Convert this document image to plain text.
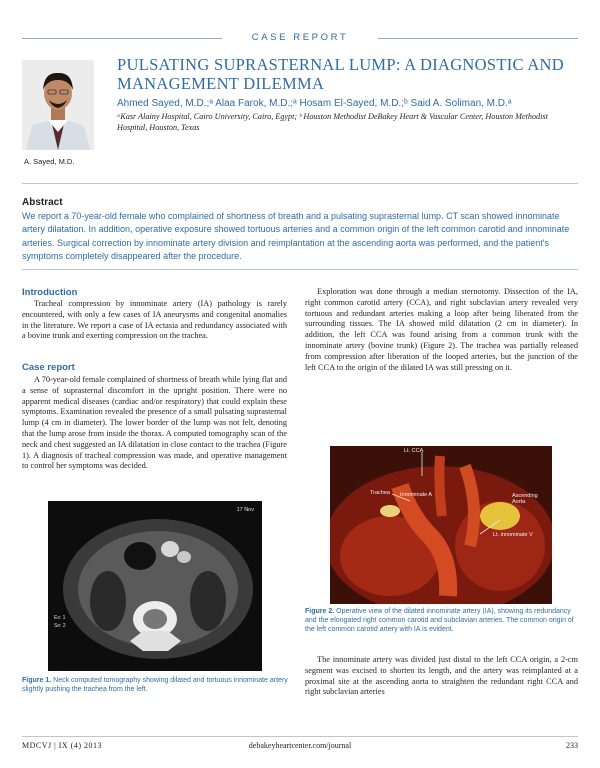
CASE REPORT
A. Sayed, M.D.
PULSATING SUPRASTERNAL LUMP: A DIAGNOSTIC AND MANAGEMENT DILEMMA
Ahmed Sayed, M.D.;ᵃ Alaa Farok, M.D.;ᵃ Hosam El-Sayed, M.D.;ᵇ Said A. Soliman, M.D.ᵃ
ᵃKasr Alainy Hospital, Cairo University, Cairo, Egypt; ᵇ Houston Methodist DeBakey Heart & Vascular Center, Houston Methodist Hospital, Houston, Texas
Abstract
We report a 70-year-old female who complained of shortness of breath and a pulsating suprasternal lump. CT scan showed innominate artery dilatation. In addition, operative exposure showed tortuous arteries and a common origin of the left common carotid and innominate arteries. Surgical correction by innominate artery division and reimplantation at the ascending aorta was performed, and the patient's symptoms completely disappeared after the procedure.
Introduction
Tracheal compression by innominate artery (IA) pathology is rarely encountered, with only a few cases of IA aneurysms and congenital anomalies in the literature. We report a case of IA ectasia and redundancy associated with a bovine trunk and exerting compression on the trachea.
Case report
A 70-year-old female complained of shortness of breath while lying flat and a sense of suprasternal discomfort in the upright position. There were no apparent medical diseases (cardiac and/or respiratory) that could explain these symptoms. Examination revealed the presence of a small pulsating suprasternal lump (4 cm in diameter). The lower border of the lump was not felt, denoting that the lump arose from inside the thorax. A computed tomography scan of the neck and chest suggested an IA dilatation in close contact to the trachea (Figure 1). A diagnosis of tracheal compression was made, and operative management to control her symptoms was decided.
Ex: 1
Se: 2
17 Nov
Figure 1. Neck computed tomography showing dilated and tortuous innominate artery slightly pushing the trachea from the left.
Exploration was done through a median sternotomy. Dissection of the IA, right common carotid artery (CCA), and right subclavian artery revealed very tortuous and redundant arteries making a loop after being liberated from the surrounding tissues. The IA showed mild dilatation (2 cm in diameter). In addition, the left CCA was found arising from a common trunk with the innominate artery (bovine trunk) (Figure 2). The trachea was partially released from compression after liberation of the looped arteries, but the junction of the left CCA to the origin of the dilated IA was still pressing on it.
Lt. CCA
Trachea Innominate A	Ascending Aorta
Lt. innominate V
Figure 2. Operative view of the dilated innominate artery (IA), showing its redundancy and the elongated right common carotid and subclavian arteries. The common origin of the left common carotid artery with IA is evident.
The innominate artery was divided just distal to the left CCA origin, a 2-cm segment was excised to shorten its length, and the artery was reimplanted at a proximal site at the ascending aorta to straighten the redundant right CCA and right subclavian arteries
MDCVJ | IX (4) 2013	debakeyheartcenter.com/journal	233
